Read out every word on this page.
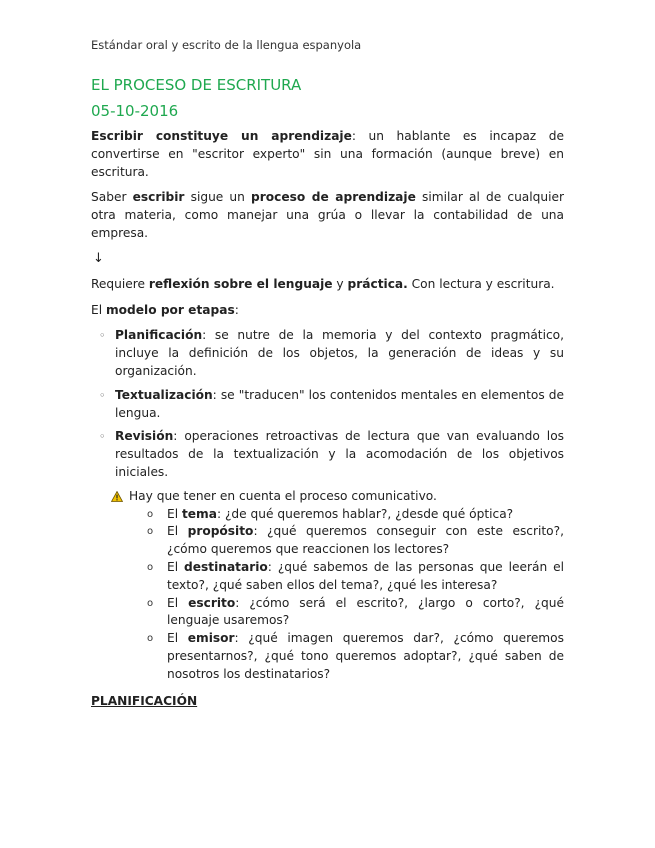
Estándar oral y escrito de la llengua espanyola
EL PROCESO DE ESCRITURA
05-10-2016

Escribir constituye un aprendizaje: un hablante es incapaz de convertirse en "escritor experto" sin una formación (aunque breve) en escritura.

Saber escribir sigue un proceso de aprendizaje similar al de cualquier otra materia, como manejar una grúa o llevar la contabilidad de una empresa.

↓

Requiere reflexión sobre el lenguaje y práctica. Con lectura y escritura.

El modelo por etapas:

◦ Planificación: se nutre de la memoria y del contexto pragmático, incluye la definición de los objetos, la generación de ideas y su organización.
◦ Textualización: se "traducen" los contenidos mentales en elementos de lengua.
◦ Revisión: operaciones retroactivas de lectura que van evaluando los resultados de la textualización y la acomodación de los objetivos iniciales.
Hay que tener en cuenta el proceso comunicativo.
o El tema: ¿de qué queremos hablar?, ¿desde qué óptica?
o El propósito: ¿qué queremos conseguir con este escrito?, ¿cómo queremos que reaccionen los lectores?
o El destinatario: ¿qué sabemos de las personas que leerán el texto?, ¿qué saben ellos del tema?, ¿qué les interesa?
o El escrito: ¿cómo será el escrito?, ¿largo o corto?, ¿qué lenguaje usaremos?
o El emisor: ¿qué imagen queremos dar?, ¿cómo queremos presentarnos?, ¿qué tono queremos adoptar?, ¿qué saben de nosotros los destinatarios?
PLANIFICACIÓN
